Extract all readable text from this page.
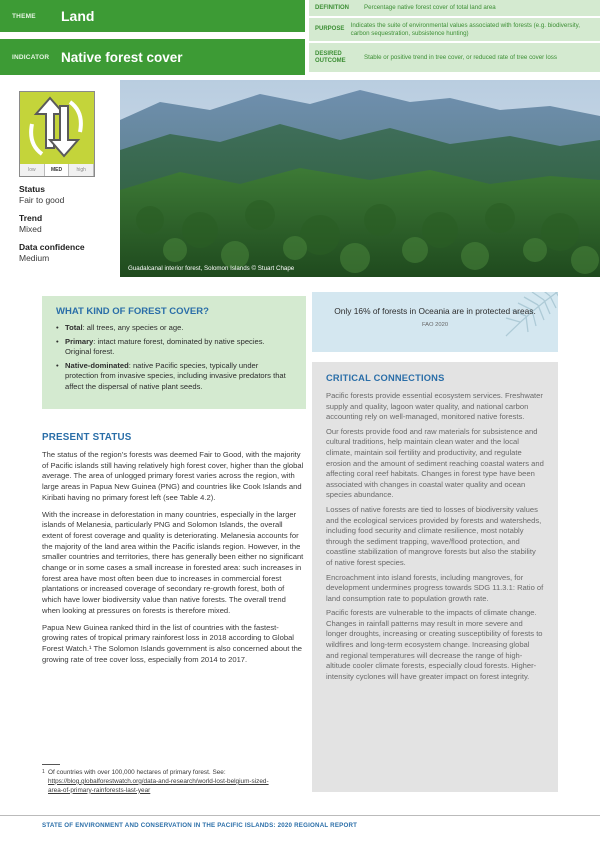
THEME	Land
INDICATOR Native forest cover
DEFINITION	Percentage native forest cover of total land area
PURPOSE
Indicates the suite of environmental values associated with forests (e.g. biodiversity, carbon sequestration, subsistence hunting)
DESIRED OUTCOME	Stable or positive trend in tree cover, or reduced rate of tree cover loss
low	MED	high
Status
Fair to good
Trend
Mixed
Data confidence
Medium
Guadalcanal interior forest, Solomon Islands © Stuart Chape
WHAT KIND OF FOREST COVER?
• Total: all trees, any species or age.
• Primary: intact mature forest, dominated by native species. Original forest.
• Native-dominated: native Pacific species, typically under protection from invasive species, including invasive predators that affect the dispersal of native plant seeds.
Only 16% of forests in Oceania are in protected areas.
FAO 2020
CRITICAL CONNECTIONS

Pacific forests provide essential ecosystem services. Freshwater supply and quality, lagoon water quality, and national carbon accounting rely on well-managed, monitored native forests.

Our forests provide food and raw materials for subsistence and cultural traditions, help maintain clean water and the local climate, maintain soil fertility and productivity, and regulate erosion and the amount of sediment reaching coastal waters and affecting coral reef habitats. Changes in forest type have been associated with changes in coastal water quality and ocean species abundance.

Losses of native forests are tied to losses of biodiversity values and the ecological services provided by forests and watersheds, including food security and climate resilience, most notably through the sediment trapping, wave/flood protection, and coastline stabilization of mangrove forests but also the stability of native forest species.

Encroachment into island forests, including mangroves, for development undermines progress towards SDG 11.3.1: Ratio of land consumption rate to population growth rate.

Pacific forests are vulnerable to the impacts of climate change. Changes in rainfall patterns may result in more severe and longer droughts, increasing or creating susceptibility of forests to wildfires and long-term ecosystem change. Increasing global and regional temperatures will decrease the range of high-altitude cooler climate forests, especially cloud forests. Higher-intensity cyclones will have greater impact on forest integrity.

PRESENT STATUS

The status of the region’s forests was deemed Fair to Good, with the majority of Pacific islands still having relatively high forest cover, higher than the global average. The area of unlogged primary forest varies across the region, with large areas in Papua New Guinea (PNG) and countries like Cook Islands and Kiribati having no primary forest left (see Table 4.2).

With the increase in deforestation in many countries, especially in the larger islands of Melanesia, particularly PNG and Solomon Islands, the overall extent of forest coverage and quality is deteriorating. Melanesia accounts for the majority of the land area within the Pacific islands region. However, in the smaller countries and territories, there has generally been either no significant change or in some cases a small increase in forested area: such increases in forest area have most often been due to increases in commercial forest plantations or increased coverage of secondary re-growth forest, both of which have lower biodiversity value than native forests. The overall trend when looking at pressures on forests is therefore mixed.

Papua New Guinea ranked third in the list of countries with the fastest-growing rates of tropical primary rainforest loss in 2018 according to Global Forest Watch.¹ The Solomon Islands government is also concerned about the growing rate of tree cover loss, especially from 2014 to 2017.

1 Of countries with over 100,000 hectares of primary forest. See: https://blog.globalforestwatch.org/data-and-research/world-lost-belgium-sized-area-of-primary-rainforests-last-year
STATE OF ENVIRONMENT AND CONSERVATION IN THE PACIFIC ISLANDS: 2020 REGIONAL REPORT
